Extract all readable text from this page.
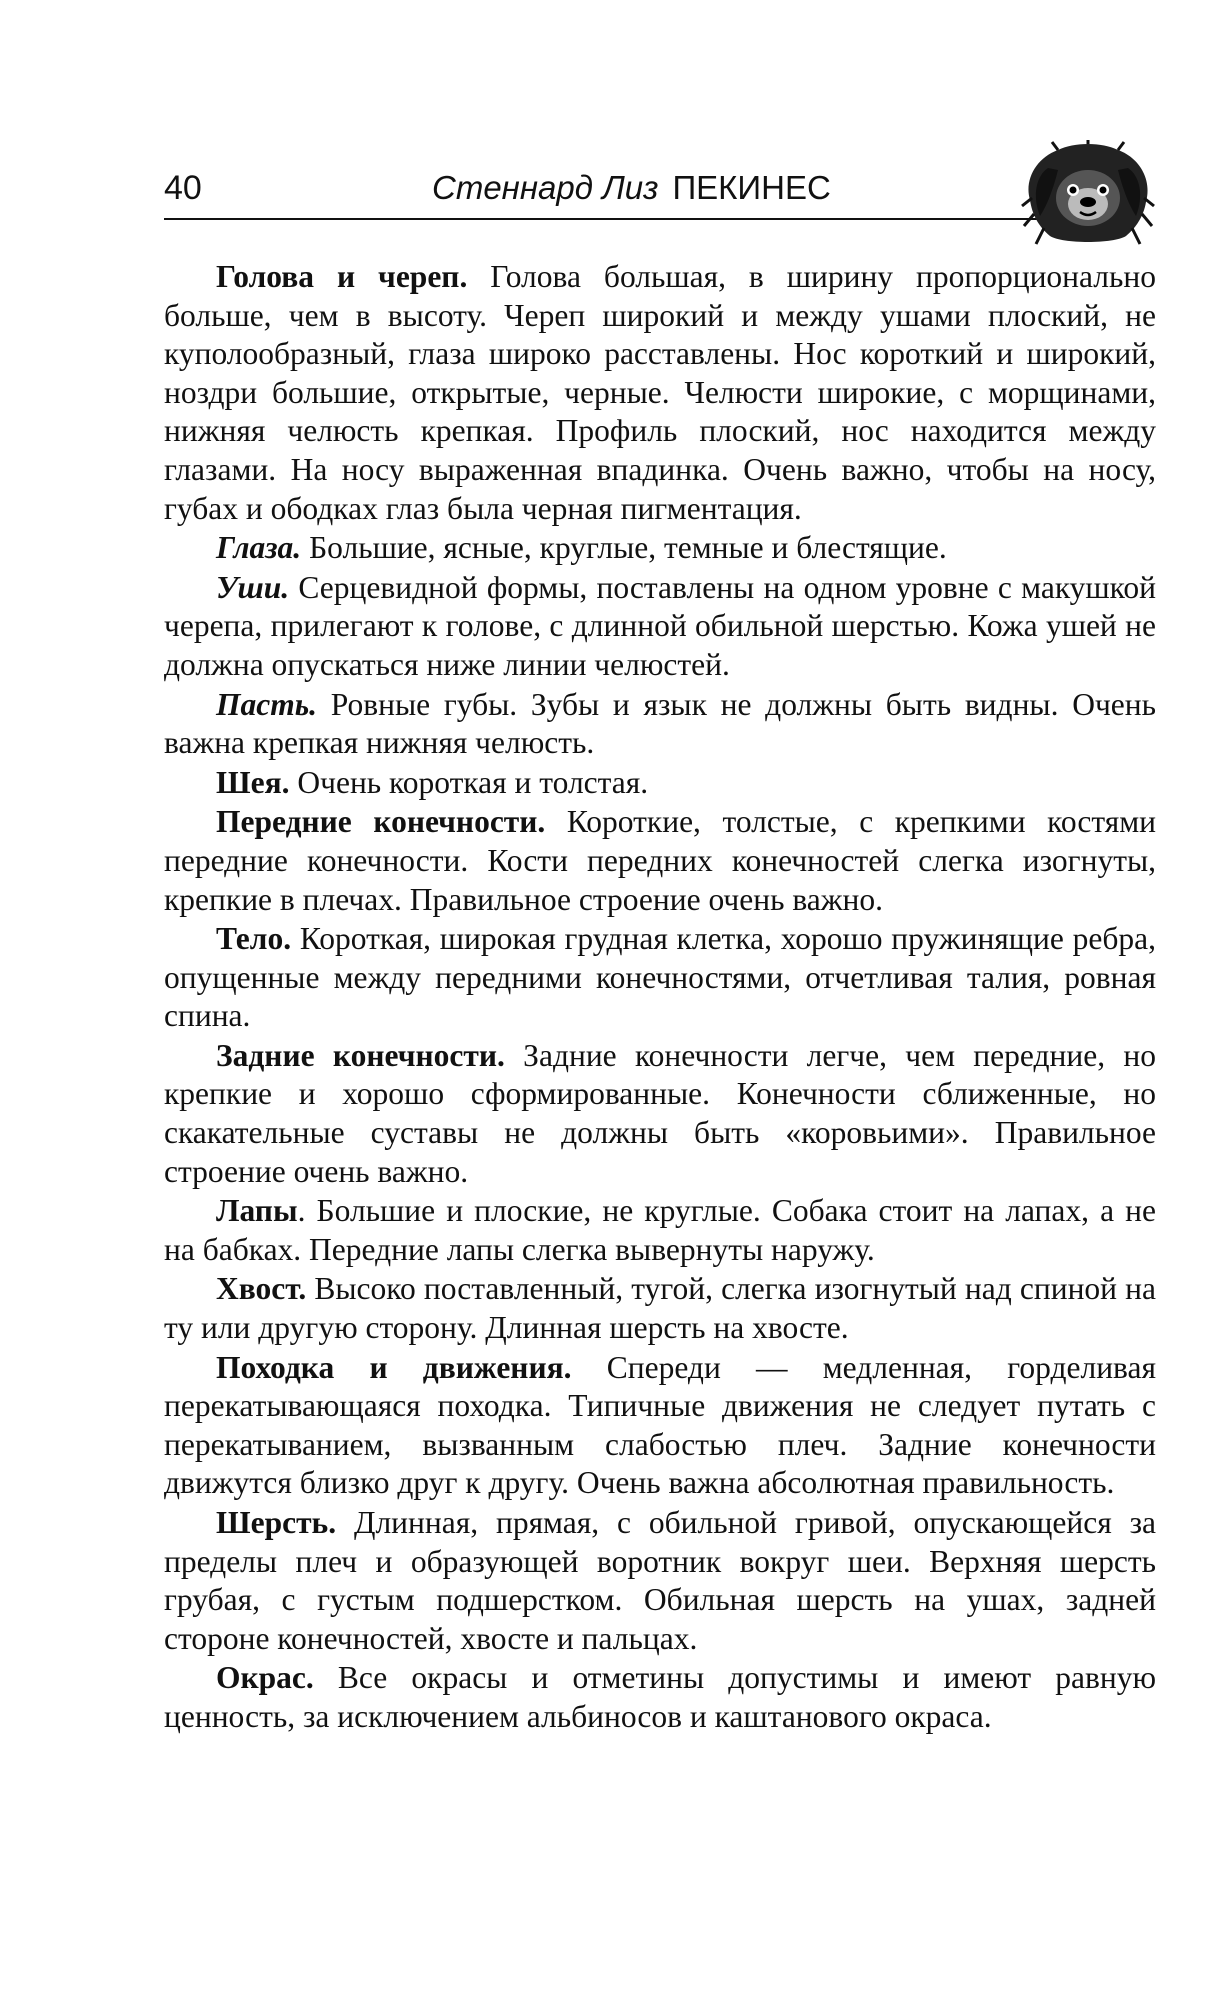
40	Стеннард Лиз ПЕКИНЕС

Голова и череп. Голова большая, в ширину пропорционально больше, чем в высоту. Череп широкий и между ушами плоский, не куполообразный, глаза широко расставлены. Нос короткий и широкий, ноздри большие, открытые, черные. Челюсти широкие, с морщинами, нижняя челюсть крепкая. Профиль плоский, нос находится между глазами. На носу выраженная впадинка. Очень важно, чтобы на носу, губах и ободках глаз была черная пигментация.

Глаза. Большие, ясные, круглые, темные и блестящие.

Уши. Серцевидной формы, поставлены на одном уровне с макушкой черепа, прилегают к голове, с длинной обильной шерстью. Кожа ушей не должна опускаться ниже линии челюстей.

Пасть. Ровные губы. Зубы и язык не должны быть видны. Очень важна крепкая нижняя челюсть.

Шея. Очень короткая и толстая.

Передние конечности. Короткие, толстые, с крепкими костями передние конечности. Кости передних конечностей слегка изогнуты, крепкие в плечах. Правильное строение очень важно.

Тело. Короткая, широкая грудная клетка, хорошо пружинящие ребра, опущенные между передними конечностями, отчетливая талия, ровная спина.

Задние конечности. Задние конечности легче, чем передние, но крепкие и хорошо сформированные. Конечности сближенные, но скакательные суставы не должны быть «коровьими». Правильное строение очень важно.

Лапы. Большие и плоские, не круглые. Собака стоит на лапах, а не на бабках. Передние лапы слегка вывернуты наружу.

Хвост. Высоко поставленный, тугой, слегка изогнутый над спиной на ту или другую сторону. Длинная шерсть на хвосте.

Походка и движения. Спереди — медленная, горделивая перекатывающаяся походка. Типичные движения не следует путать с перекатыванием, вызванным слабостью плеч. Задние конечности движутся близко друг к другу. Очень важна абсолютная правильность.

Шерсть. Длинная, прямая, с обильной гривой, опускающейся за пределы плеч и образующей воротник вокруг шеи. Верхняя шерсть грубая, с густым подшерстком. Обильная шерсть на ушах, задней стороне конечностей, хвосте и пальцах.

Окрас. Все окрасы и отметины допустимы и имеют равную ценность, за исключением альбиносов и каштанового окраса.
